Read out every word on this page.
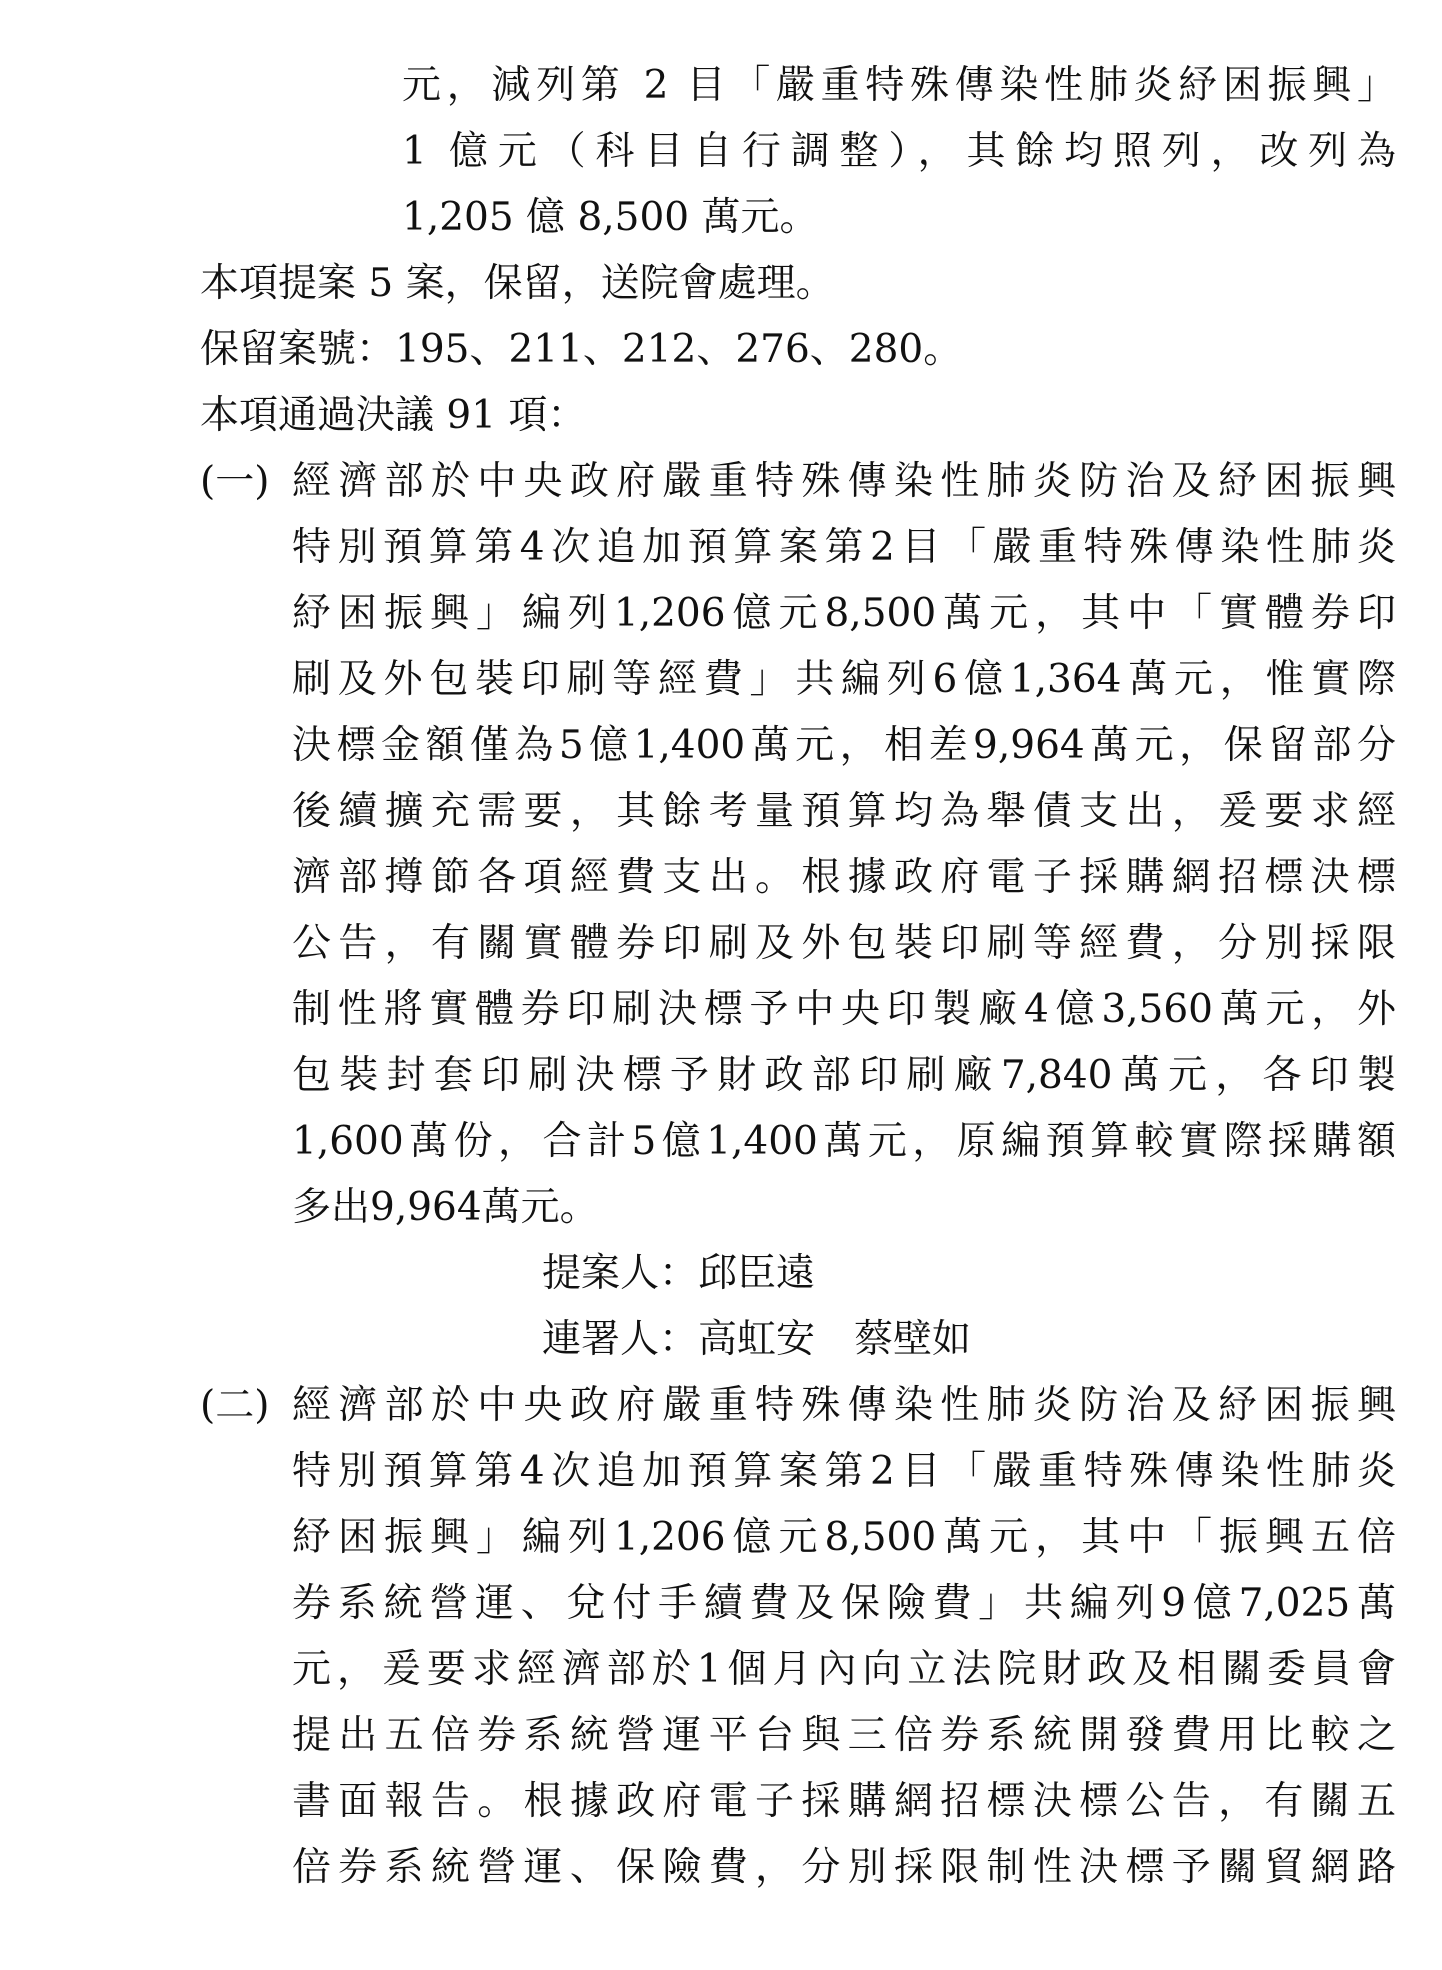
元，減列第 2 目「嚴重特殊傳染性肺炎紓困振興」
1 億元（科目自行調整），其餘均照列，改列為
1,205 億 8,500 萬元。
本項提案 5 案，保留，送院會處理。
保留案號：195、211、212、276、280。
本項通過決議 91 項：
(一) 經濟部於中央政府嚴重特殊傳染性肺炎防治及紓困振興
特別預算第4次追加預算案第2目「嚴重特殊傳染性肺炎
紓困振興」編列1,206億元8,500萬元，其中「實體券印
刷及外包裝印刷等經費」共編列6億1,364萬元，惟實際
決標金額僅為5億1,400萬元，相差9,964萬元，保留部分
後續擴充需要，其餘考量預算均為舉債支出，爰要求經
濟部撙節各項經費支出。根據政府電子採購網招標決標
公告，有關實體券印刷及外包裝印刷等經費，分別採限
制性將實體券印刷決標予中央印製廠4億3,560萬元，外
包裝封套印刷決標予財政部印刷廠7,840萬元，各印製
1,600萬份，合計5億1,400萬元，原編預算較實際採購額
多出9,964萬元。
提案人：邱臣遠
連署人：高虹安　蔡壁如
(二) 經濟部於中央政府嚴重特殊傳染性肺炎防治及紓困振興
特別預算第4次追加預算案第2目「嚴重特殊傳染性肺炎
紓困振興」編列1,206億元8,500萬元，其中「振興五倍
券系統營運、兌付手續費及保險費」共編列9億7,025萬
元，爰要求經濟部於1個月內向立法院財政及相關委員會
提出五倍券系統營運平台與三倍券系統開發費用比較之
書面報告。根據政府電子採購網招標決標公告，有關五
倍券系統營運、保險費，分別採限制性決標予關貿網路
